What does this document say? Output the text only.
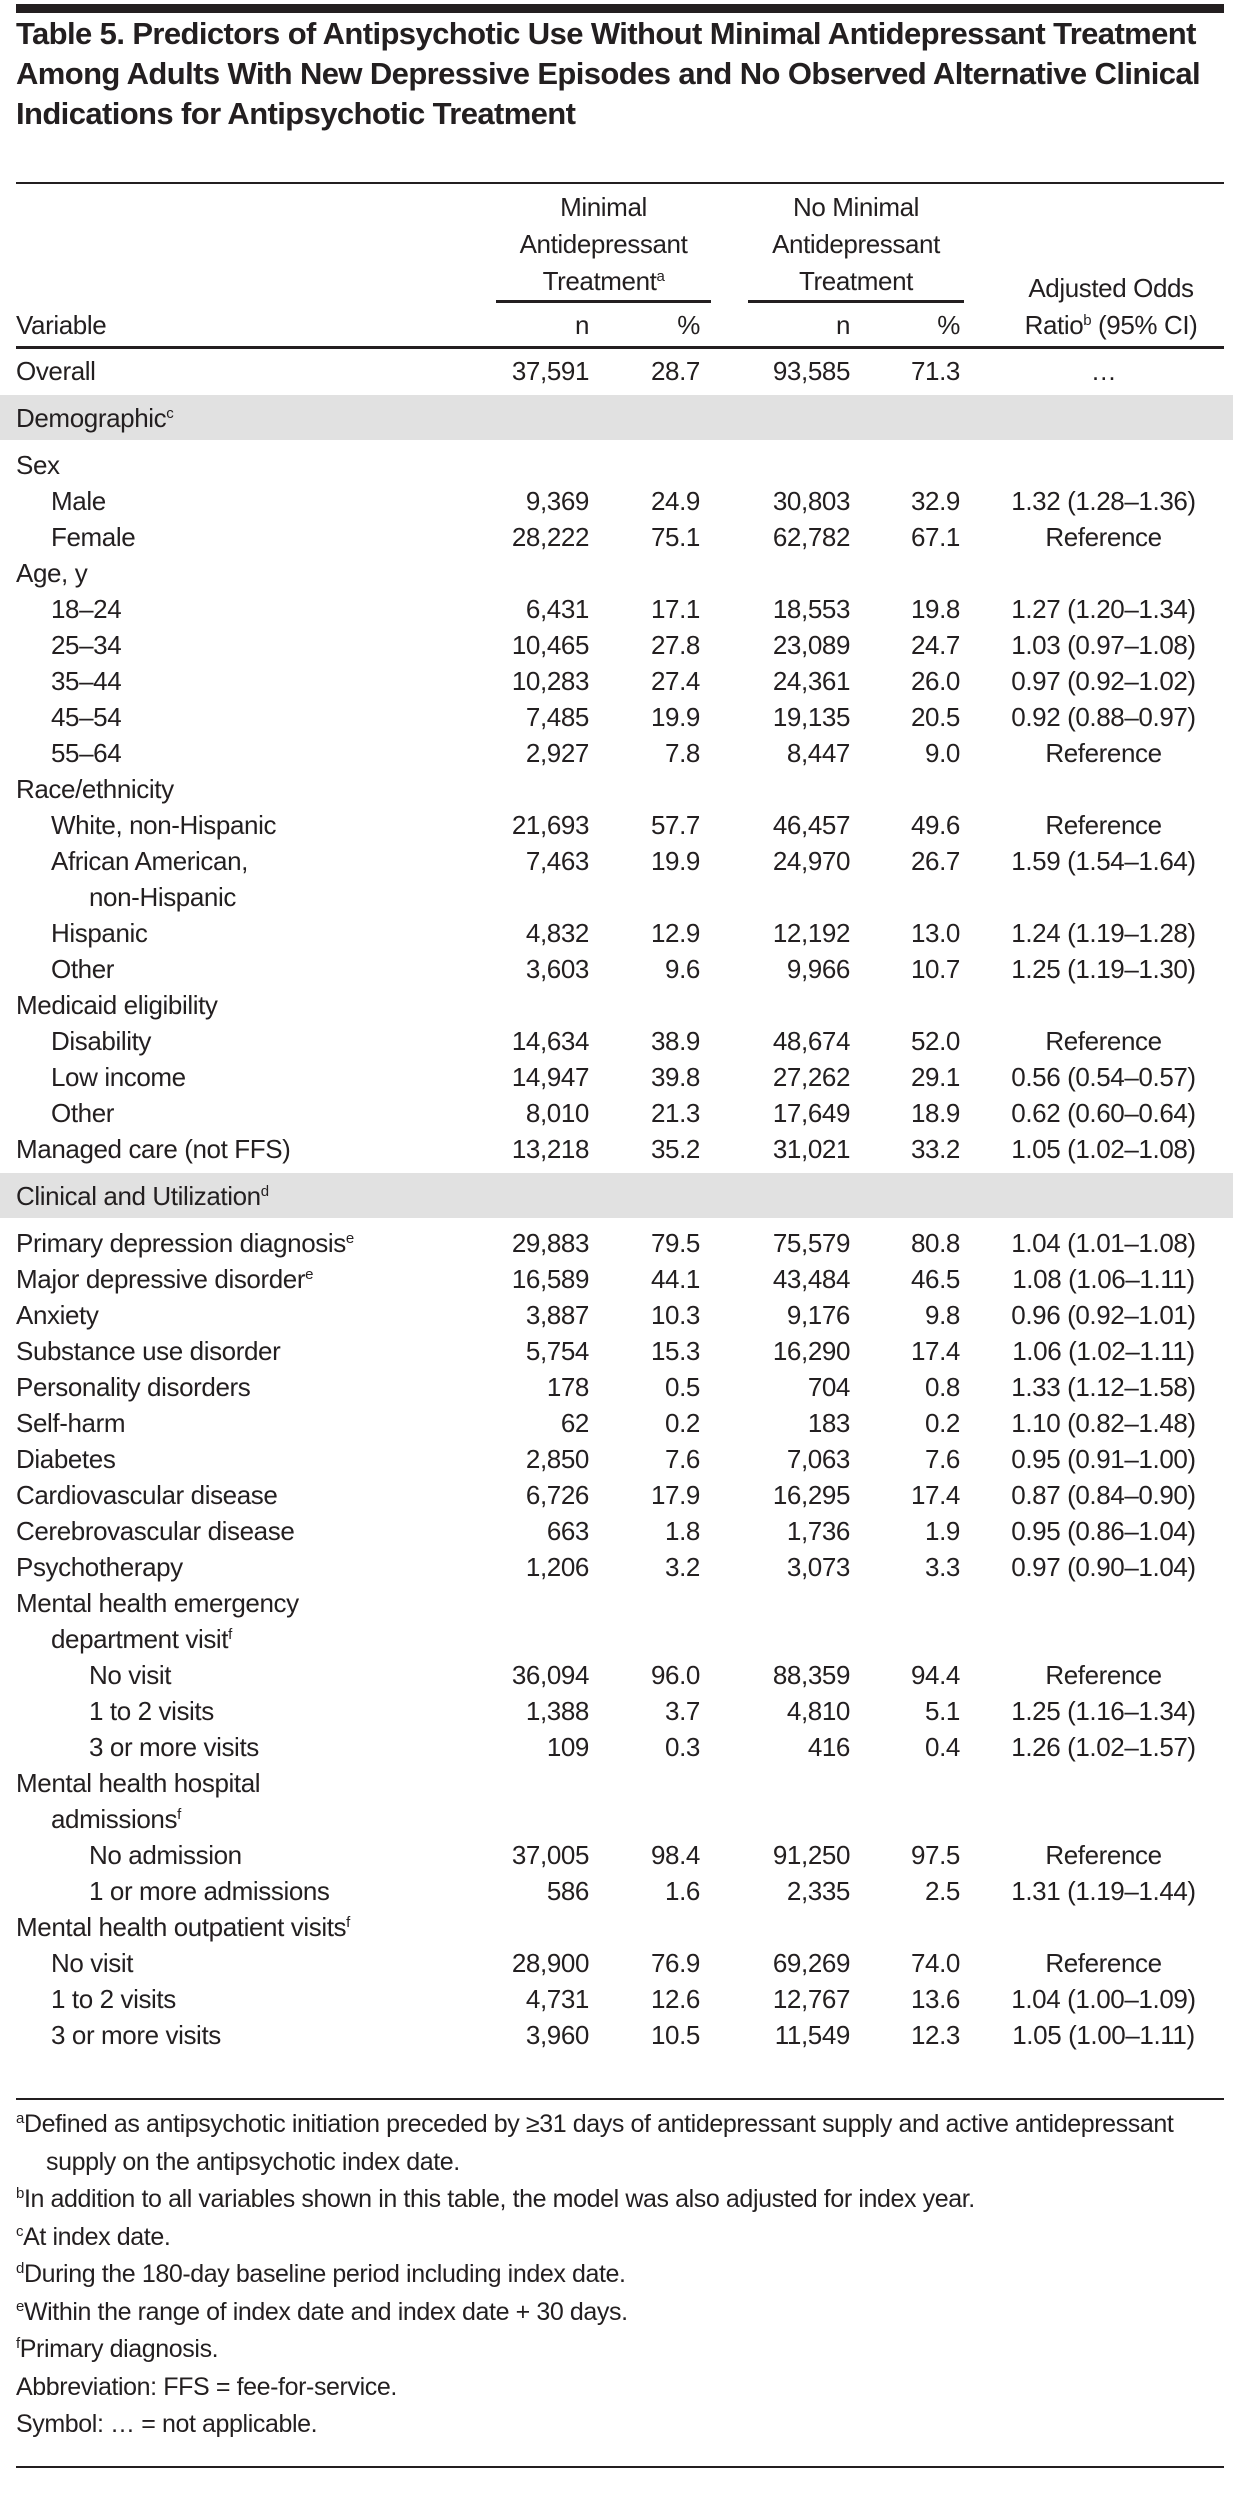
Table 5. Predictors of Antipsychotic Use Without Minimal Antidepressant Treatment Among Adults With New Depressive Episodes and No Observed Alternative Clinical Indications for Antipsychotic Treatment
Minimal
Antidepressant
Treatment$^a$
No Minimal
Antidepressant
Treatment
Variable	n	%	n	%
Adjusted Odds
Ratio$^b$ (95% CI)
Overall	37,591	28.7	93,585	71.3	…
Demographic$^c$					
Sex					
Male	9,369	24.9	30,803	32.9	1.32 (1.28–1.36)
Female	28,222	75.1	62,782	67.1	Reference
Age, y					
18–24	6,431	17.1	18,553	19.8	1.27 (1.20–1.34)
25–34	10,465	27.8	23,089	24.7	1.03 (0.97–1.08)
35–44	10,283	27.4	24,361	26.0	0.97 (0.92–1.02)
45–54	7,485	19.9	19,135	20.5	0.92 (0.88–0.97)
55–64	2,927	7.8	8,447	9.0	Reference
Race/ethnicity					
White, non-Hispanic	21,693	57.7	46,457	49.6	Reference
African American,	7,463	19.9	24,970	26.7	1.59 (1.54–1.64)
non-Hispanic					
Hispanic	4,832	12.9	12,192	13.0	1.24 (1.19–1.28)
Other	3,603	9.6	9,966	10.7	1.25 (1.19–1.30)
Medicaid eligibility					
Disability	14,634	38.9	48,674	52.0	Reference
Low income	14,947	39.8	27,262	29.1	0.56 (0.54–0.57)
Other	8,010	21.3	17,649	18.9	0.62 (0.60–0.64)
Managed care (not FFS)	13,218	35.2	31,021	33.2	1.05 (1.02–1.08)
Clinical and Utilization$^d$					
Primary depression diagnosis$^e$	29,883	79.5	75,579	80.8	1.04 (1.01–1.08)
Major depressive disorder$^e$	16,589	44.1	43,484	46.5	1.08 (1.06–1.11)
Anxiety	3,887	10.3	9,176	9.8	0.96 (0.92–1.01)
Substance use disorder	5,754	15.3	16,290	17.4	1.06 (1.02–1.11)
Personality disorders	178	0.5	704	0.8	1.33 (1.12–1.58)
Self-harm	62	0.2	183	0.2	1.10 (0.82–1.48)
Diabetes	2,850	7.6	7,063	7.6	0.95 (0.91–1.00)
Cardiovascular disease	6,726	17.9	16,295	17.4	0.87 (0.84–0.90)
Cerebrovascular disease	663	1.8	1,736	1.9	0.95 (0.86–1.04)
Psychotherapy	1,206	3.2	3,073	3.3	0.97 (0.90–1.04)
Mental health emergency					
department visit$^f$					
No visit	36,094	96.0	88,359	94.4	Reference
1 to 2 visits	1,388	3.7	4,810	5.1	1.25 (1.16–1.34)
3 or more visits	109	0.3	416	0.4	1.26 (1.02–1.57)
Mental health hospital					
admissions$^f$					
No admission	37,005	98.4	91,250	97.5	Reference
1 or more admissions	586	1.6	2,335	2.5	1.31 (1.19–1.44)
Mental health outpatient visits$^f$					
No visit	28,900	76.9	69,269	74.0	Reference
1 to 2 visits	4,731	12.6	12,767	13.6	1.04 (1.00–1.09)
3 or more visits	3,960	10.5	11,549	12.3	1.05 (1.00–1.11)
$^a$Defined as antipsychotic initiation preceded by ≥31 days of antidepressant supply and active antidepressant supply on the antipsychotic index date.
$^b$In addition to all variables shown in this table, the model was also adjusted for index year.
$^c$At index date.
$^d$During the 180-day baseline period including index date.
$^e$Within the range of index date and index date + 30 days.
$^f$Primary diagnosis.
Abbreviation: FFS = fee-for-service.
Symbol: … = not applicable.
